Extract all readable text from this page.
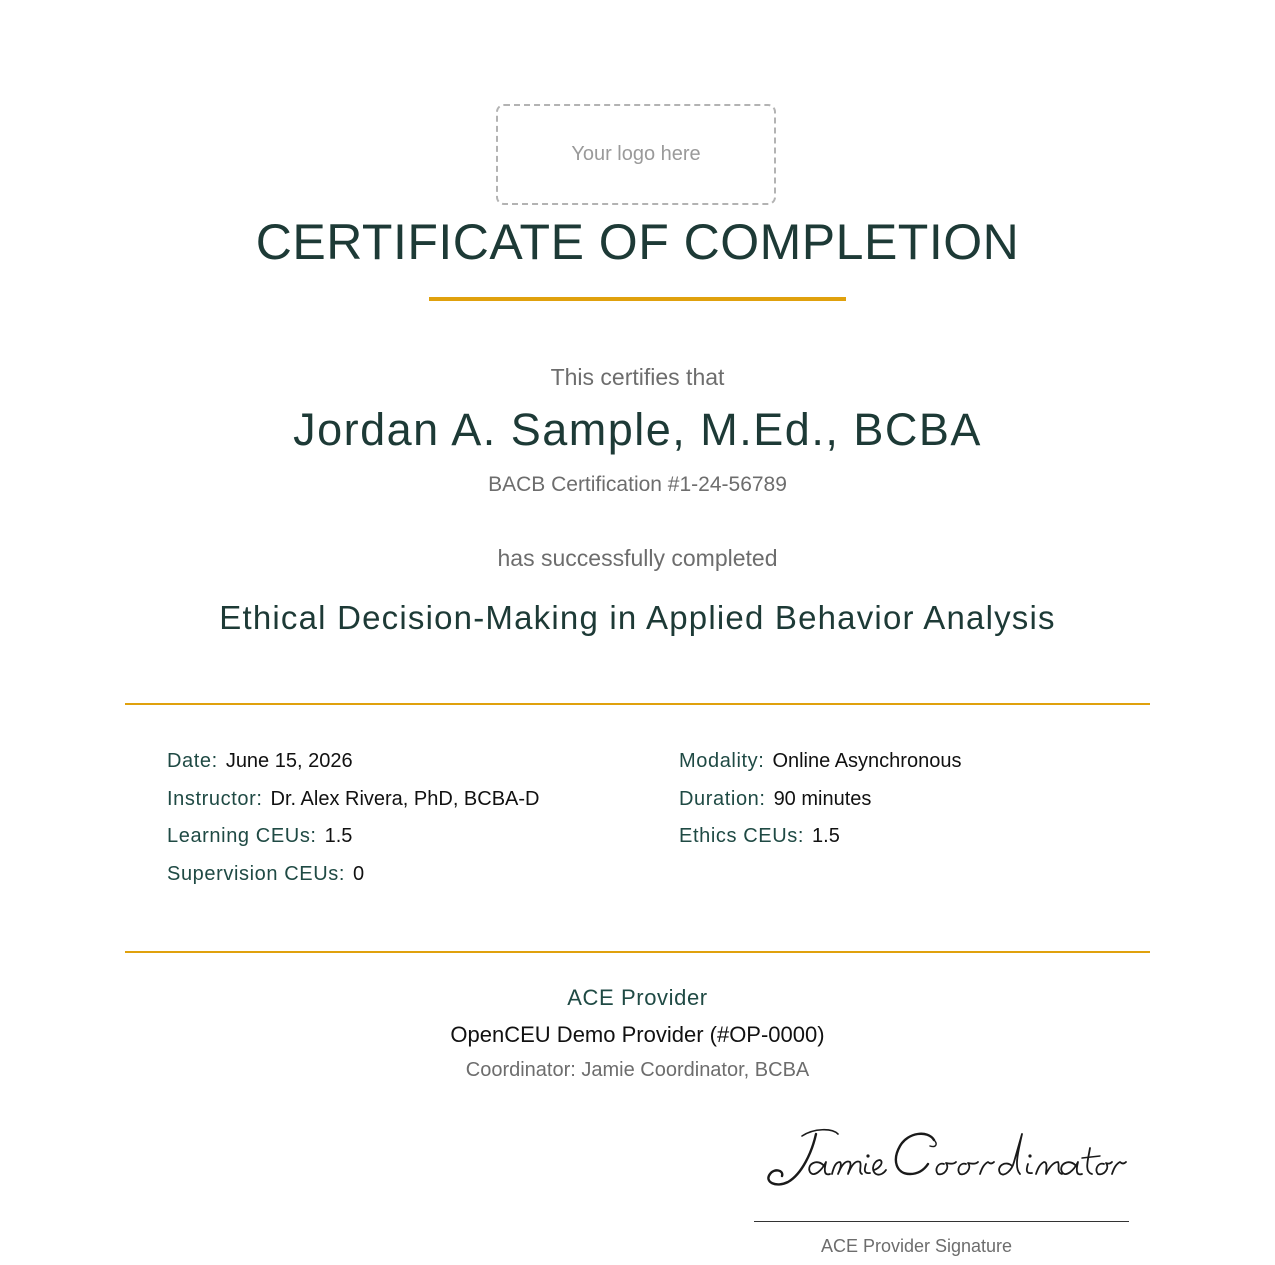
Your logo here
CERTIFICATE OF COMPLETION
This certifies that
Jordan A. Sample, M.Ed., BCBA
BACB Certification #1-24-56789
has successfully completed
Ethical Decision-Making in Applied Behavior Analysis
Date: June 15, 2026
Instructor: Dr. Alex Rivera, PhD, BCBA-D
Learning CEUs: 1.5
Supervision CEUs: 0
Modality: Online Asynchronous
Duration: 90 minutes
Ethics CEUs: 1.5
ACE Provider
OpenCEU Demo Provider (#OP-0000)
Coordinator: Jamie Coordinator, BCBA
ACE Provider Signature
